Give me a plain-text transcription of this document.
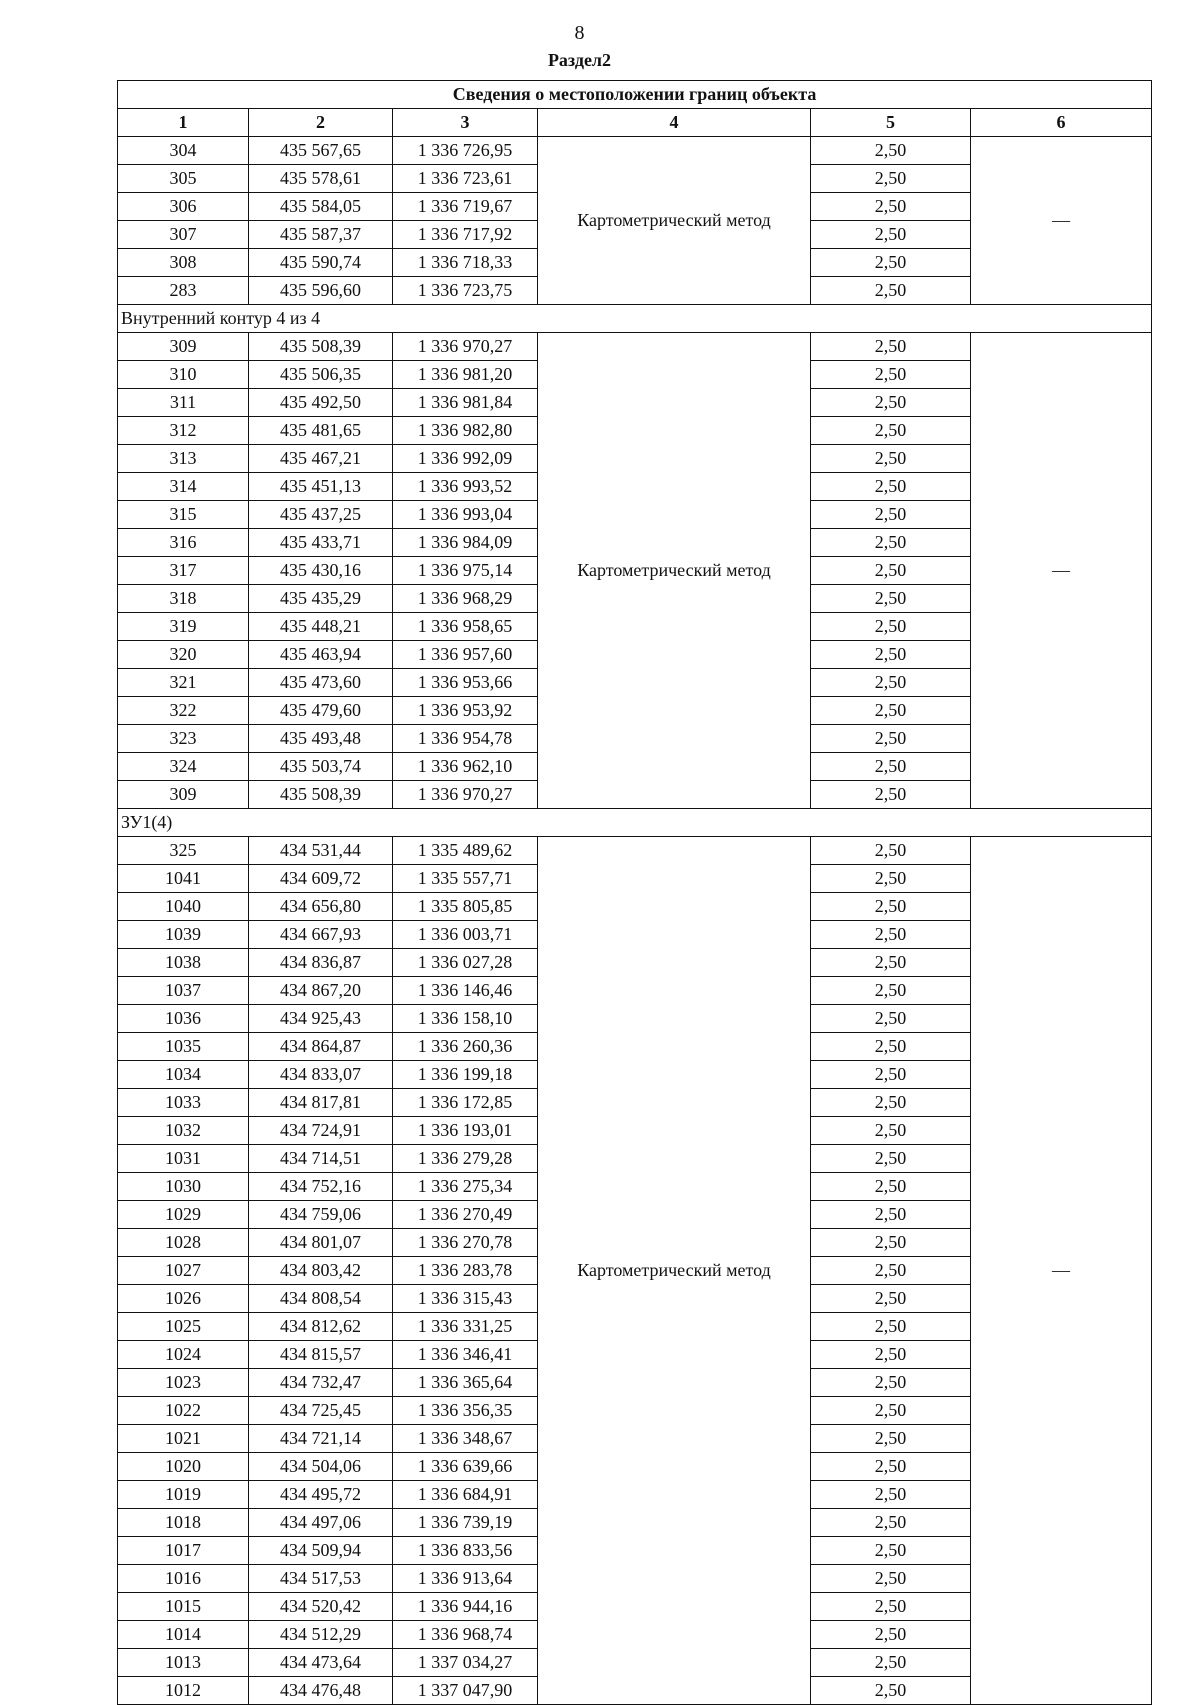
8
Раздел2
Сведения о местоположении границ объекта					
1	2	3	4	5	6
304	435 567,65	1 336 726,95	Картометрический метод	2,50	—
305	435 578,61	1 336 723,61		2,50	
306	435 584,05	1 336 719,67		2,50	
307	435 587,37	1 336 717,92		2,50	
308	435 590,74	1 336 718,33		2,50	
283	435 596,60	1 336 723,75		2,50	
Внутренний контур 4 из 4					
309	435 508,39	1 336 970,27	Картометрический метод	2,50	—
310	435 506,35	1 336 981,20		2,50	
311	435 492,50	1 336 981,84		2,50	
312	435 481,65	1 336 982,80		2,50	
313	435 467,21	1 336 992,09		2,50	
314	435 451,13	1 336 993,52		2,50	
315	435 437,25	1 336 993,04		2,50	
316	435 433,71	1 336 984,09		2,50	
317	435 430,16	1 336 975,14		2,50	
318	435 435,29	1 336 968,29		2,50	
319	435 448,21	1 336 958,65		2,50	
320	435 463,94	1 336 957,60		2,50	
321	435 473,60	1 336 953,66		2,50	
322	435 479,60	1 336 953,92		2,50	
323	435 493,48	1 336 954,78		2,50	
324	435 503,74	1 336 962,10		2,50	
309	435 508,39	1 336 970,27		2,50	
ЗУ1(4)					
325	434 531,44	1 335 489,62	Картометрический метод	2,50	—
1041	434 609,72	1 335 557,71		2,50	
1040	434 656,80	1 335 805,85		2,50	
1039	434 667,93	1 336 003,71		2,50	
1038	434 836,87	1 336 027,28		2,50	
1037	434 867,20	1 336 146,46		2,50	
1036	434 925,43	1 336 158,10		2,50	
1035	434 864,87	1 336 260,36		2,50	
1034	434 833,07	1 336 199,18		2,50	
1033	434 817,81	1 336 172,85		2,50	
1032	434 724,91	1 336 193,01		2,50	
1031	434 714,51	1 336 279,28		2,50	
1030	434 752,16	1 336 275,34		2,50	
1029	434 759,06	1 336 270,49		2,50	
1028	434 801,07	1 336 270,78		2,50	
1027	434 803,42	1 336 283,78		2,50	
1026	434 808,54	1 336 315,43		2,50	
1025	434 812,62	1 336 331,25		2,50	
1024	434 815,57	1 336 346,41		2,50	
1023	434 732,47	1 336 365,64		2,50	
1022	434 725,45	1 336 356,35		2,50	
1021	434 721,14	1 336 348,67		2,50	
1020	434 504,06	1 336 639,66		2,50	
1019	434 495,72	1 336 684,91		2,50	
1018	434 497,06	1 336 739,19		2,50	
1017	434 509,94	1 336 833,56		2,50	
1016	434 517,53	1 336 913,64		2,50	
1015	434 520,42	1 336 944,16		2,50	
1014	434 512,29	1 336 968,74		2,50	
1013	434 473,64	1 337 034,27		2,50	
1012	434 476,48	1 337 047,90		2,50	
